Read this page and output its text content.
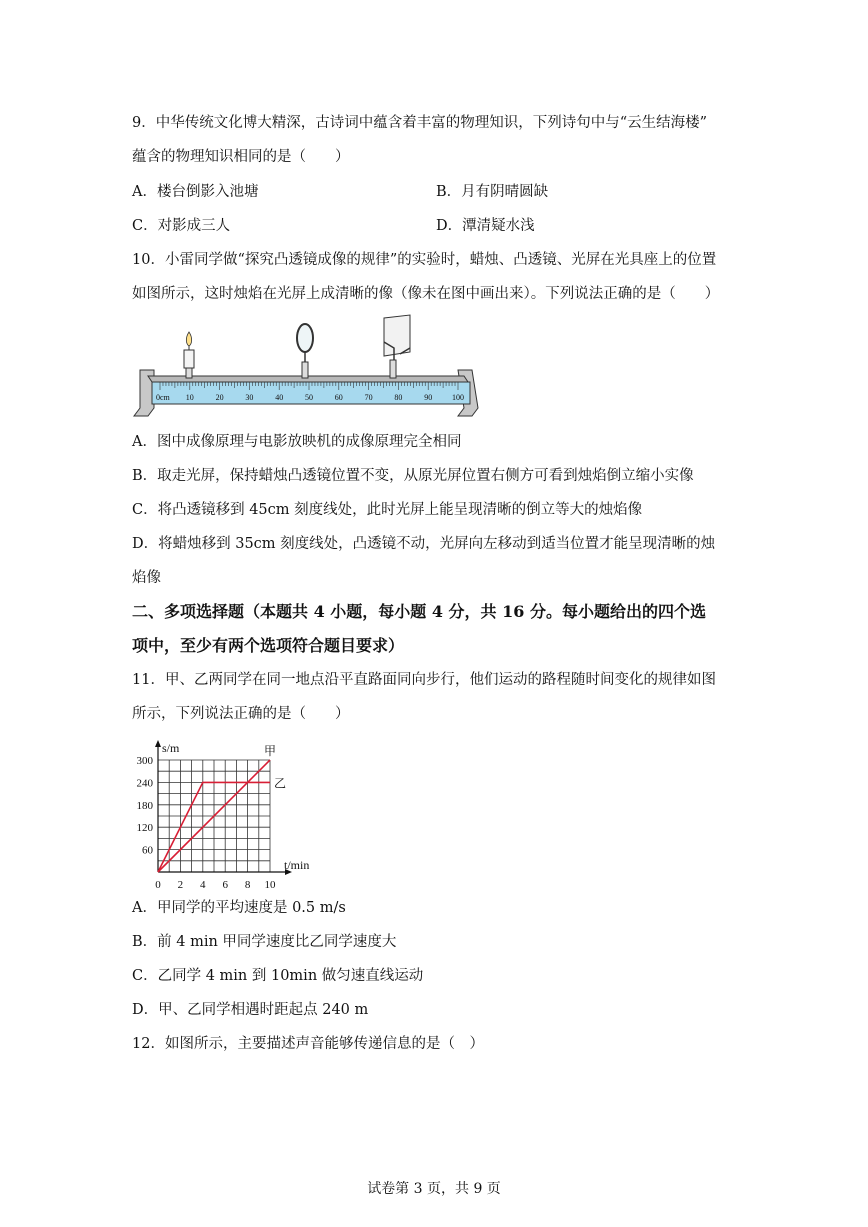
9．中华传统文化博大精深，古诗词中蕴含着丰富的物理知识，下列诗句中与“云生结海楼”
蕴含的物理知识相同的是（　　）
A．楼台倒影入池塘	B．月有阴晴圆缺
C．对影成三人	D．潭清疑水浅
10．小雷同学做“探究凸透镜成像的规律”的实验时，蜡烛、凸透镜、光屏在光具座上的位置
如图所示，这时烛焰在光屏上成清晰的像（像未在图中画出来）。下列说法正确的是（　　）
0cm 10	20	30	40	50	60	70	80	90 100
A．图中成像原理与电影放映机的成像原理完全相同
B．取走光屏，保持蜡烛凸透镜位置不变，从原光屏位置右侧方可看到烛焰倒立缩小实像
C．将凸透镜移到 45cm 刻度线处，此时光屏上能呈现清晰的倒立等大的烛焰像
D．将蜡烛移到 35cm 刻度线处，凸透镜不动，光屏向左移动到适当位置才能呈现清晰的烛
焰像
二、多项选择题（本题共 4 小题，每小题 4 分，共 16 分。每小题给出的四个选
项中，至少有两个选项符合题目要求）
11．甲、乙两同学在同一地点沿平直路面同向步行，他们运动的路程随时间变化的规律如图
所示，下列说法正确的是（　　）
60
120
180
240
300
0 2 4 6 8 10
s/m
t/min
甲
乙
A．甲同学的平均速度是 0.5 m/s
B．前 4 min 甲同学速度比乙同学速度大
C．乙同学 4 min 到 10min 做匀速直线运动
D．甲、乙同学相遇时距起点 240 m
12．如图所示，主要描述声音能够传递信息的是（　）
试卷第 3 页，共 9 页
